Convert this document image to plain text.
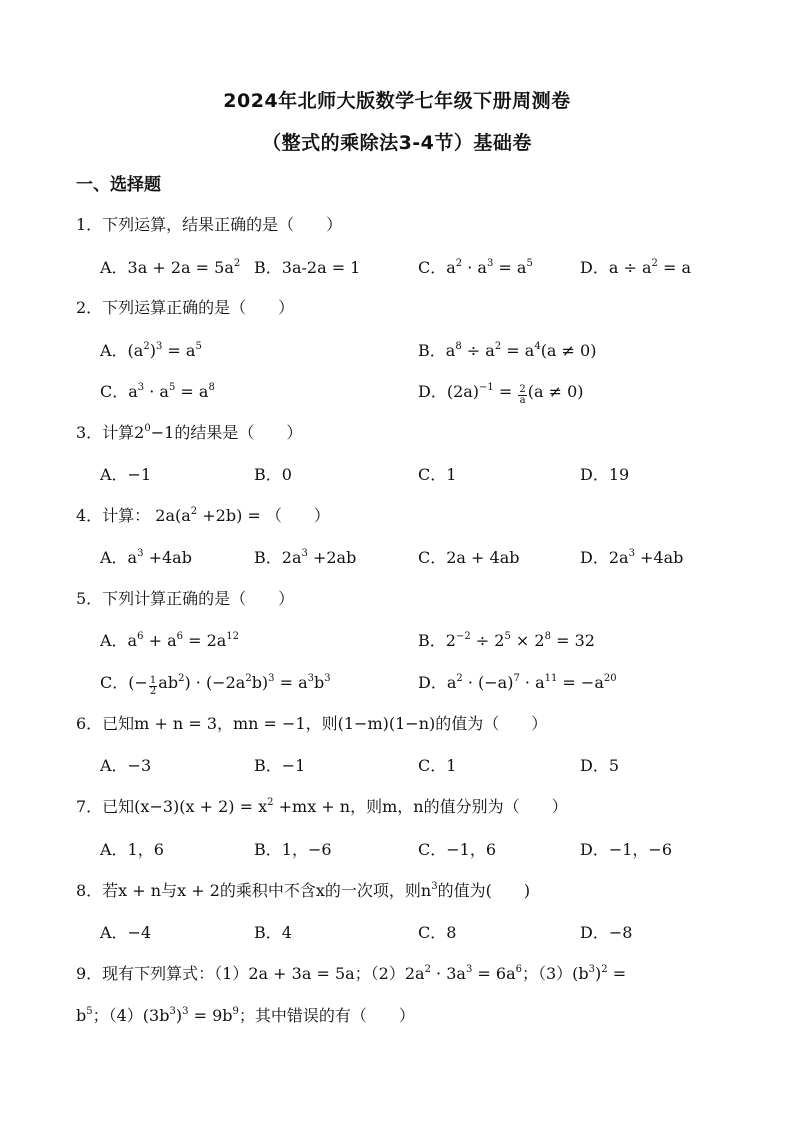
2024年北师大版数学七年级下册周测卷
（整式的乘除法3-4节）基础卷
一、选择题
1．下列运算，结果正确的是（　　）
A．$3a + 2a = 5a^2$ B．3a-2a = 1	C．$a^2 \cdot a^3 = a^5$	D．$a \div a^2 = a$
2．下列运算正确的是（　　）
A．$(a^2)^3 = a^5$	B．$a^8 \div a^2 = a^4(a \ne 0)$
C．$a^3 \cdot a^5 = a^8$	D．$(2a)^{-1} = \frac{2}{a} (a \ne 0)$
3．计算$2^0-1$的结果是（　　）
A．−1	B．0	C．1	D．19
4．计算： $2a(a^2 +2b)$ = （　　）
A．$a^3 +4ab$	B．$2a^3 +2ab$	C．2a + 4ab	D．$2a^3 +4ab$
5．下列计算正确的是（　　）
A．$a^6 + a^6 = 2a^{12}$	B．$2^{-2} \div 2^5 \times 2^8 = 32$
C．(− $\frac{1}{2} ab^2) \cdot (-2a^2b)^3 = a^3b^3$	D．$a^2 \cdot (-a)^7 \cdot a^{11} = -a^{20}$
6．已知m + n = 3，mn = −1，则(1−m)(1−n)的值为（　　）
A．−3	B．−1	C．1	D．5
7．已知$(x-3)(x + 2) = x^2 +mx + n$，则m，n的值分别为（　　）
A．1，6	B．1，−6	C．−1，6	D．−1，−6
8．若x + n与x + 2的乘积中不含x的一次项，则$n^3$的值为(　　)
A．−4	B．4	C．8	D．−8
9．现有下列算式：（1）2a + 3a = 5a；$(2)2a^2 \cdot 3a^3 = 6a^6$；$(3)(b^3)^2$ =
$b^5$；$(4)(3b^3)^3 = 9b^9$；其中错误的有（　　）
